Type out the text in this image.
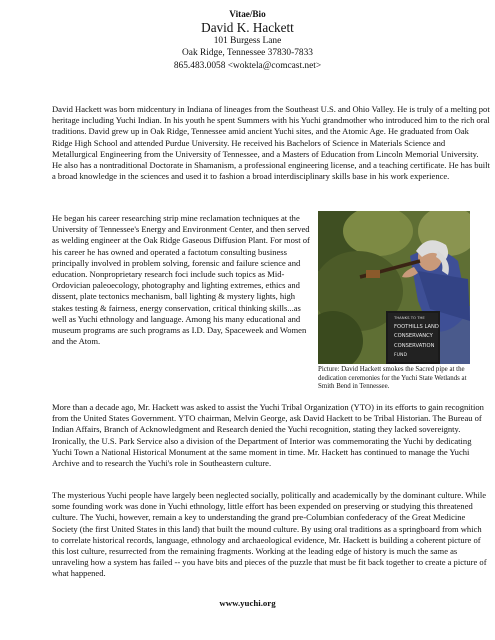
Vitae/Bio
David K. Hackett
101 Burgess Lane
Oak Ridge, Tennessee 37830-7833
865.483.0058 <woktela@comcast.net>

David Hackett was born midcentury in Indiana of lineages from the Southeast U.S. and Ohio Valley. He is truly of a melting pot heritage including Yuchi Indian. In his youth he spent Summers with his Yuchi grandmother who introduced him to the rich oral traditions. David grew up in Oak Ridge, Tennessee amid ancient Yuchi sites, and the Atomic Age. He graduated from Oak Ridge High School and attended Purdue University. He received his Bachelors of Science in Materials Science and Metallurgical Engineering from the University of Tennessee, and a Masters of Education from Lincoln Memorial University. He also has a nontraditional Doctorate in Shamanism, a professional engineering license, and a teaching certificate. He has built a broad knowledge in the sciences and used it to fashion a broad interdisciplinary skills base in his work experience.

He began his career researching strip mine reclamation techniques at the University of Tennessee's Energy and Environment Center, and then served as welding engineer at the Oak Ridge Gaseous Diffusion Plant. For most of his career he has owned and operated a factotum consulting business principally involved in problem solving, forensic and failure science and education. Nonproprietary research foci include such topics as Mid-Ordovician paleoecology, photography and lighting extremes, ethics and dissent, plate tectonics mechanism, ball lighting & mystery lights, high stakes testing & fairness, energy conservation, critical thinking skills...as well as Yuchi ethnology and language. Among his many educational and museum programs are such programs as I.D. Day, Spaceweek and Women and the Atom.

THANKS TO THE
FOOTHILLS LAND
CONSERVANCY
CONSERVATION
FUND
Picture: David Hackett smokes the Sacred pipe at the dedication ceremonies for the Yuchi State Wetlands at Smith Bend in Tennessee.

More than a decade ago, Mr. Hackett was asked to assist the Yuchi Tribal Organization (YTO) in its efforts to gain recognition from the United States Government. YTO chairman, Melvin George, ask David Hackett to be Tribal Historian. The Bureau of Indian Affairs, Branch of Acknowledgment and Research denied the Yuchi recognition, stating they lacked sovereignty. Ironically, the U.S. Park Service also a division of the Department of Interior was commemorating the Yuchi by dedicating Yuchi Town a National Historical Monument at the same moment in time. Mr. Hackett has continued to manage the Yuchi Archive and to research the Yuchi's role in Southeastern culture.

The mysterious Yuchi people have largely been neglected socially, politically and academically by the dominant culture. While some founding work was done in Yuchi ethnology, little effort has been expended on preserving or studying this threatened culture. The Yuchi, however, remain a key to understanding the grand pre-Columbian confederacy of the Great Medicine Society (the first United States in this land) that built the mound culture. By using oral traditions as a springboard from which to correlate historical records, language, ethnology and archaeological evidence, Mr. Hackett is building a coherent picture of this lost culture, resurrected from the remaining fragments. Working at the leading edge of history is much the same as unraveling how a system has failed -- you have bits and pieces of the puzzle that must be fit back together to create a picture of what happened.

www.yuchi.org
